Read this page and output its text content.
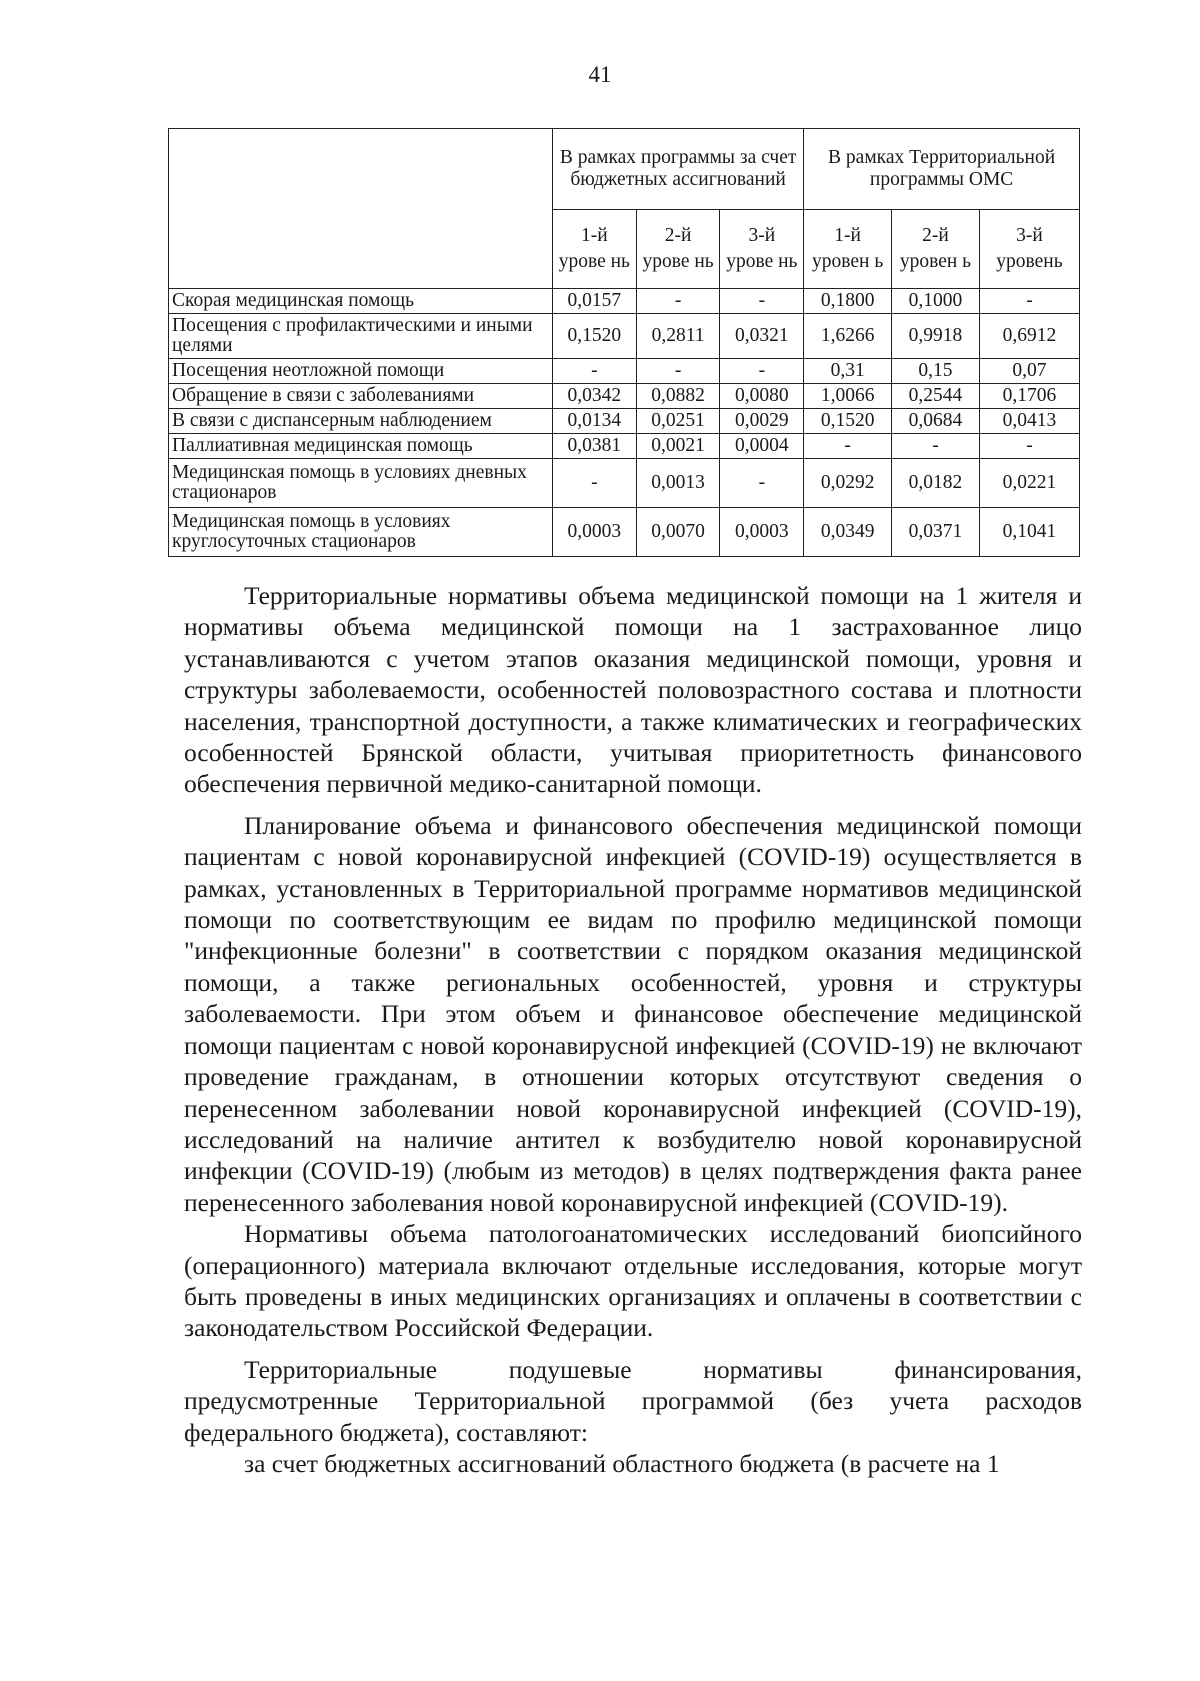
41
	В рамках программы за счет бюджетных ассигнований			В рамках Территориальной программы ОМС		
	1-й урове нь	2-й урове нь	3-й урове нь	1-й уровен ь	2-й уровен ь	3-й уровень
Скорая медицинская помощь	0,0157	-	-	0,1800	0,1000	-
Посещения с профилактическими и иными целями	0,1520	0,2811	0,0321	1,6266	0,9918	0,6912
Посещения неотложной помощи	-	-	-	0,31	0,15	0,07
Обращение в связи с заболеваниями	0,0342	0,0882	0,0080	1,0066	0,2544	0,1706
В связи с диспансерным наблюдением	0,0134	0,0251	0,0029	0,1520	0,0684	0,0413
Паллиативная медицинская помощь	0,0381	0,0021	0,0004	-	-	-
Медицинская помощь в условиях дневных стационаров	-	0,0013	-	0,0292	0,0182	0,0221
Медицинская помощь в условиях круглосуточных стационаров	0,0003	0,0070	0,0003	0,0349	0,0371	0,1041

Территориальные нормативы объема медицинской помощи на 1 жителя и нормативы объема медицинской помощи на 1 застрахованное лицо устанавливаются с учетом этапов оказания медицинской помощи, уровня и структуры заболеваемости, особенностей половозрастного состава и плотности населения, транспортной доступности, а также климатических и географических особенностей Брянской области, учитывая приоритетность финансового обеспечения первичной медико-санитарной помощи.

Планирование объема и финансового обеспечения медицинской помощи пациентам с новой коронавирусной инфекцией (COVID-19) осуществляется в рамках, установленных в Территориальной программе нормативов медицинской помощи по соответствующим ее видам по профилю медицинской помощи "инфекционные болезни" в соответствии с порядком оказания медицинской помощи, а также региональных особенностей, уровня и структуры заболеваемости. При этом объем и финансовое обеспечение медицинской помощи пациентам с новой коронавирусной инфекцией (COVID-19) не включают проведение гражданам, в отношении которых отсутствуют сведения о перенесенном заболевании новой коронавирусной инфекцией (COVID-19), исследований на наличие антител к возбудителю новой коронавирусной инфекции (COVID-19) (любым из методов) в целях подтверждения факта ранее перенесенного заболевания новой коронавирусной инфекцией (COVID-19).

Нормативы объема патологоанатомических исследований биопсийного (операционного) материала включают отдельные исследования, которые могут быть проведены в иных медицинских организациях и оплачены в соответствии с законодательством Российской Федерации.

Территориальные подушевые нормативы финансирования, предусмотренные Территориальной программой (без учета расходов федерального бюджета), составляют:

за счет бюджетных ассигнований областного бюджета (в расчете на 1
